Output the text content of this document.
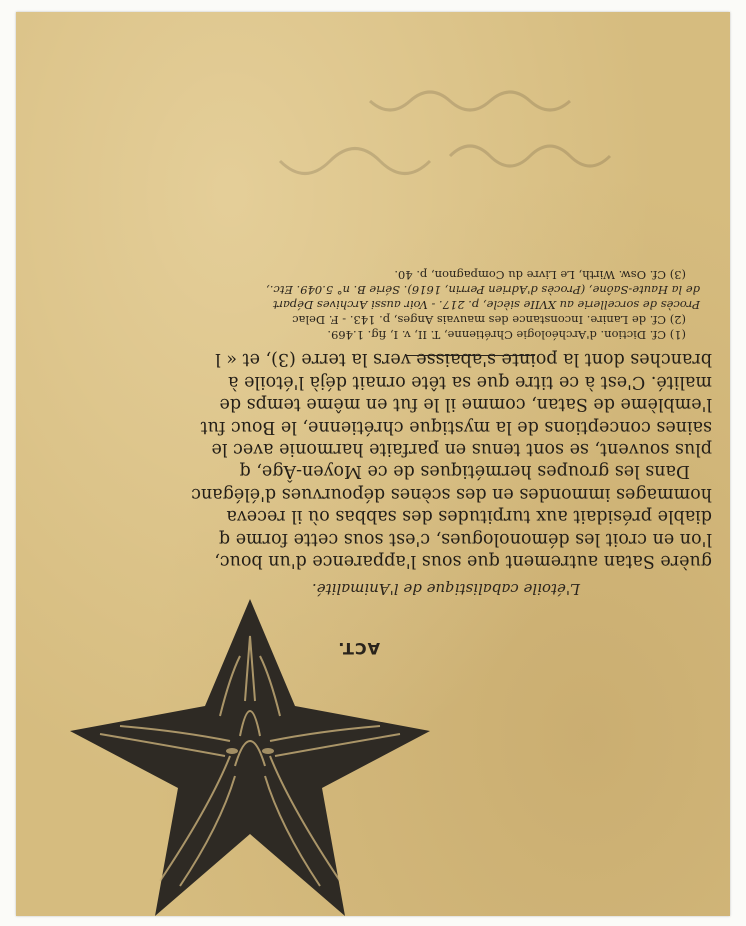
ACT.
L'étoile cabalistique de l'Animalité.
guère Satan autrement que sous l'apparence d'un bouc,
l'on en croit les démonologues, c'est sous cette forme q
diable présidait aux turpitudes des sabbas où il receva
hommages immondes en des scènes dépourvues d'éléganc
Dans les groupes hermétiques de ce Moyen-Âge, q
plus souvent, se sont tenus en parfaite harmonie avec le
saines conceptions de la mystique chrétienne, le Bouc fut
l'emblème de Satan, comme il le fut en même temps de
malité. C'est à ce titre que sa tête ornait déjà l'étoile à
branches dont la pointe s'abaisse vers la terre (3), et « l
(1) Cf. Diction. d'Archéologie Chrétienne, T. II, v. I, fig. 1.469.
(2) Cf. de Lanire. Inconstance des mauvais Anges, p. 143. - F. Delac
Procès de sorcellerie au XVIIe siècle, p. 217. - Voir aussi Archives Départ
de la Haute-Saône, (Procès d'Adrien Perrin, 1616). Série B. n° 5.049. Etc.,
(3) Cf. Osw. Wirth, Le Livre du Compagnon, p. 40.
